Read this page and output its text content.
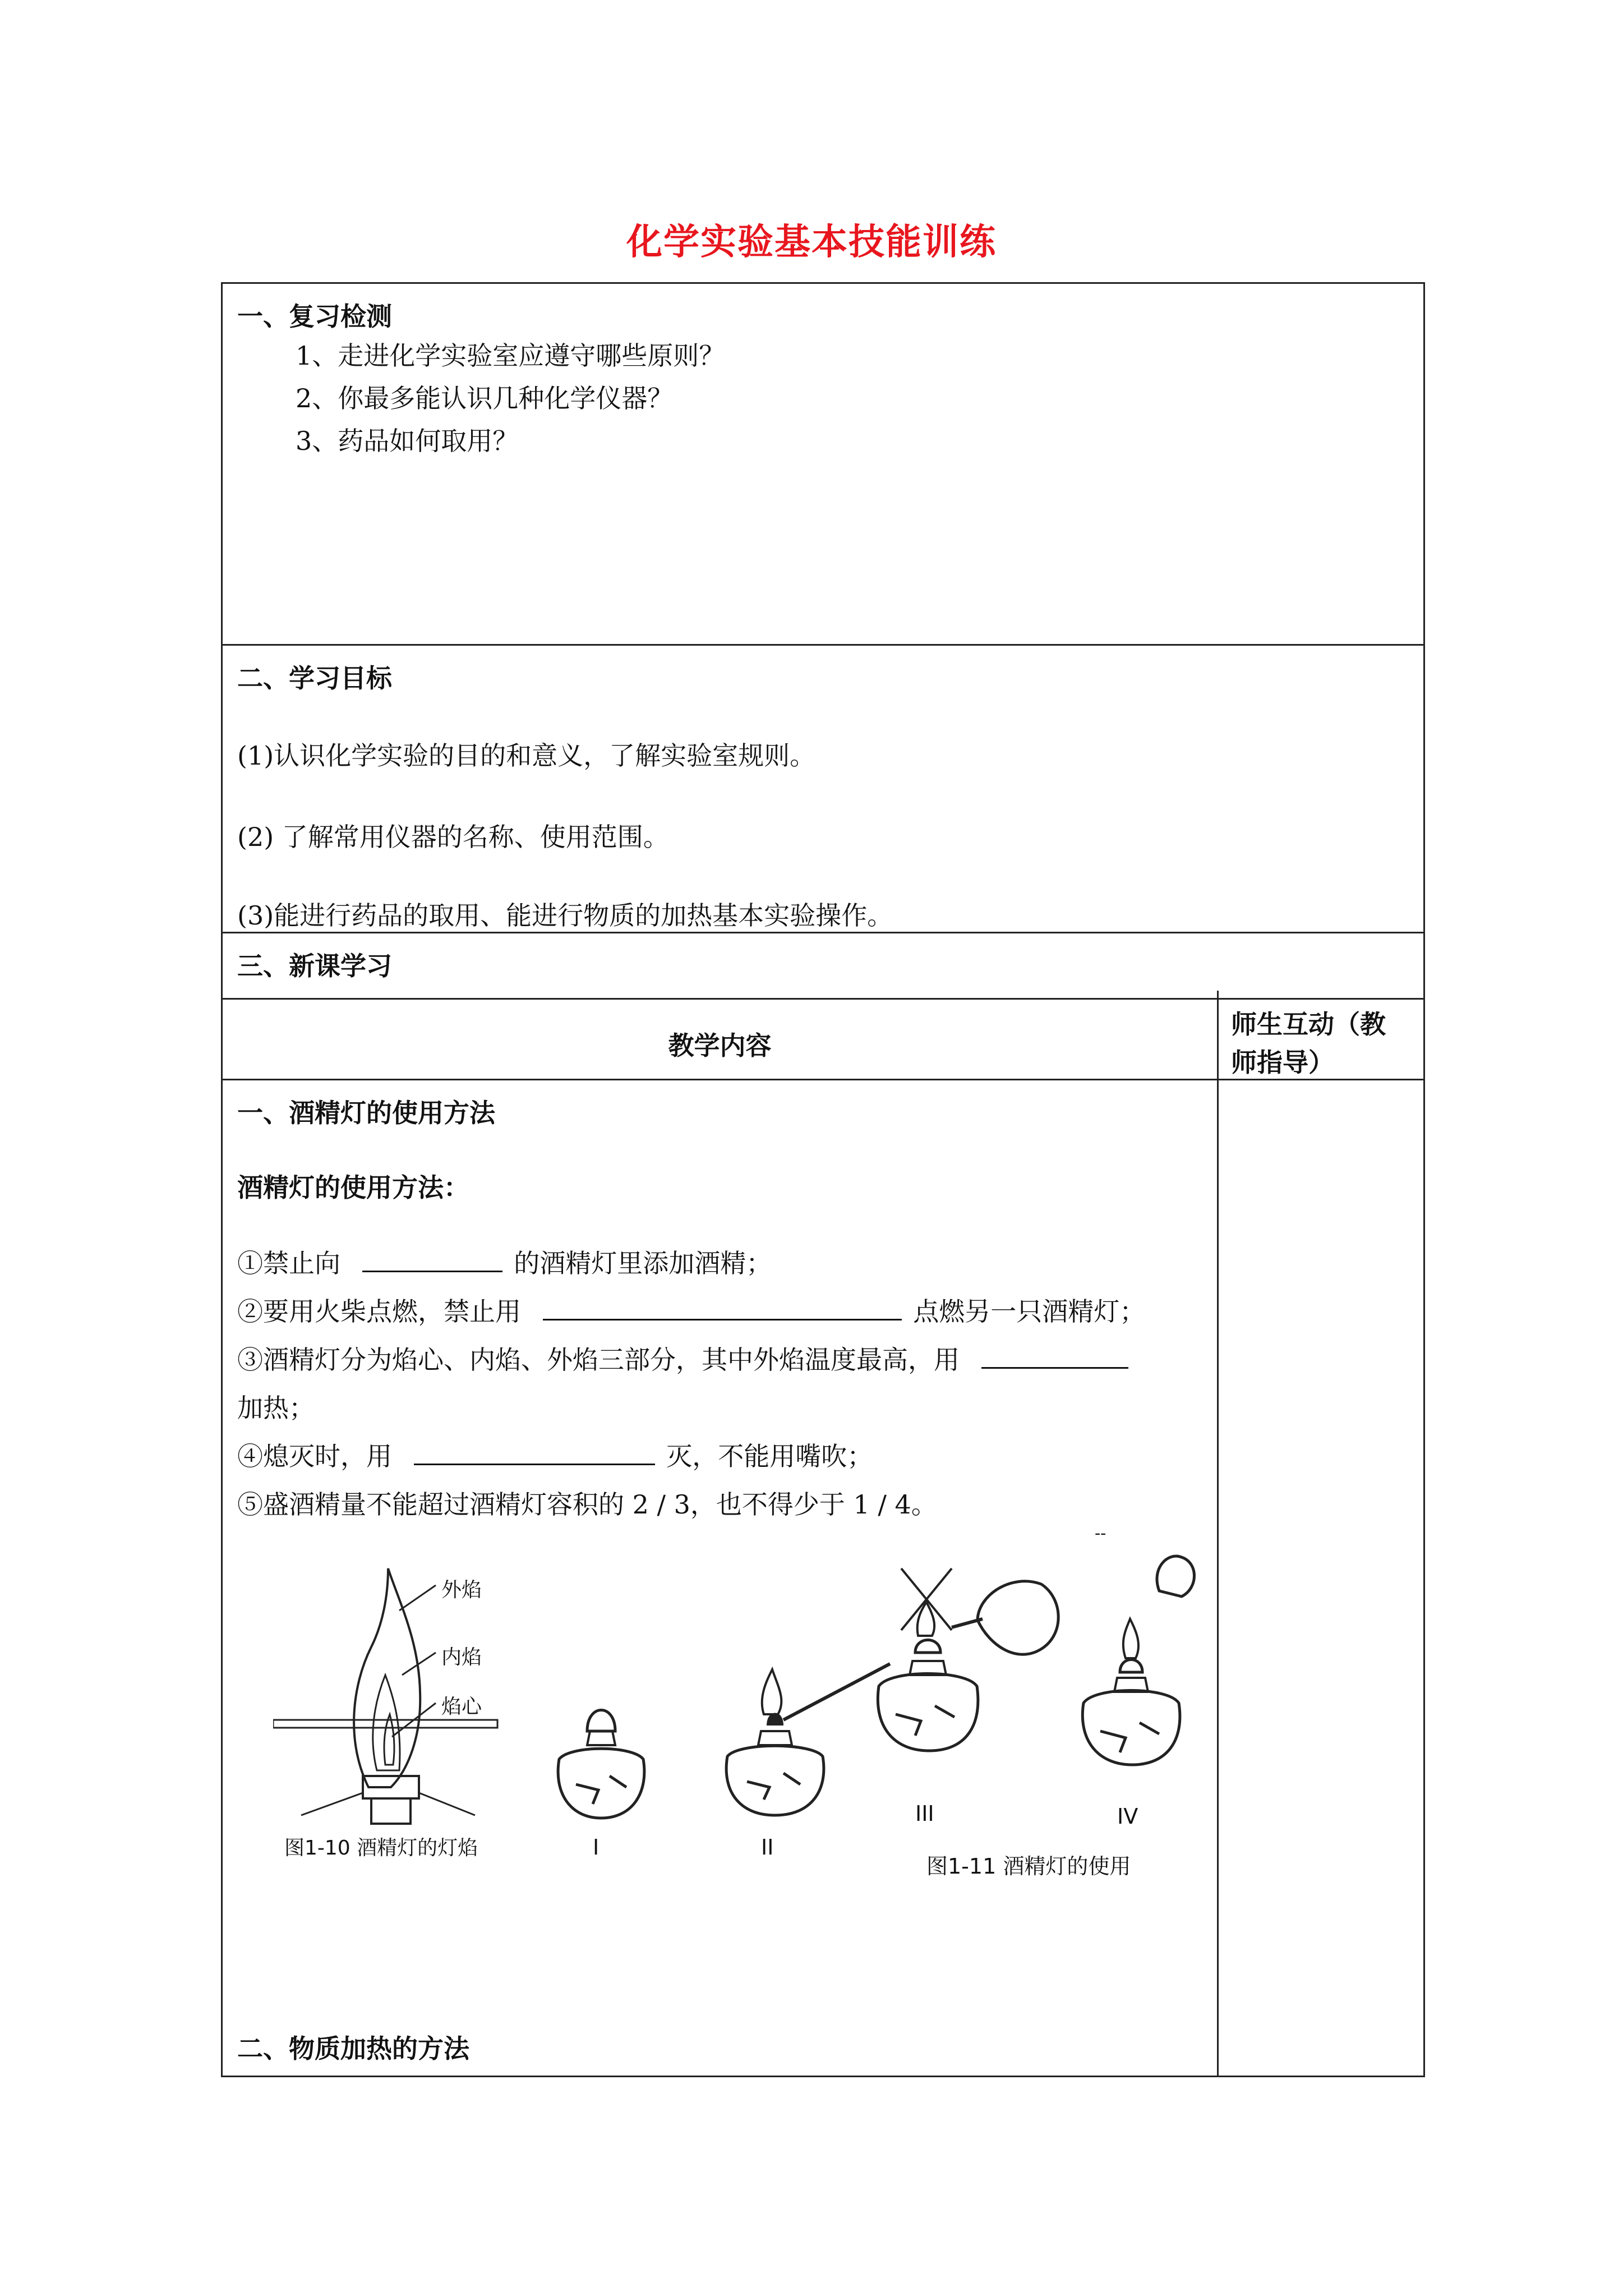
化学实验基本技能训练
一、复习检测
1、走进化学实验室应遵守哪些原则？
2、你最多能认识几种化学仪器？
3、药品如何取用？
二、学习目标
(1)认识化学实验的目的和意义，了解实验室规则。
(2) 了解常用仪器的名称、使用范围。
(3)能进行药品的取用、能进行物质的加热基本实验操作。
三、新课学习
教学内容
师生互动（教
师指导）
一、酒精灯的使用方法
酒精灯的使用方法：
①禁止向	的酒精灯里添加酒精；
②要用火柴点燃，禁止用	点燃另一只酒精灯；
③酒精灯分为焰心、内焰、外焰三部分，其中外焰温度最高，用
加热；
④熄灭时，用	灭，不能用嘴吹；
⑤盛酒精量不能超过酒精灯容积的 2 / 3，也不得少于 1 / 4。
--
外焰
内焰
焰心
图1-10 酒精灯的灯焰	I	II
III	IV
图1-11 酒精灯的使用
二、物质加热的方法
